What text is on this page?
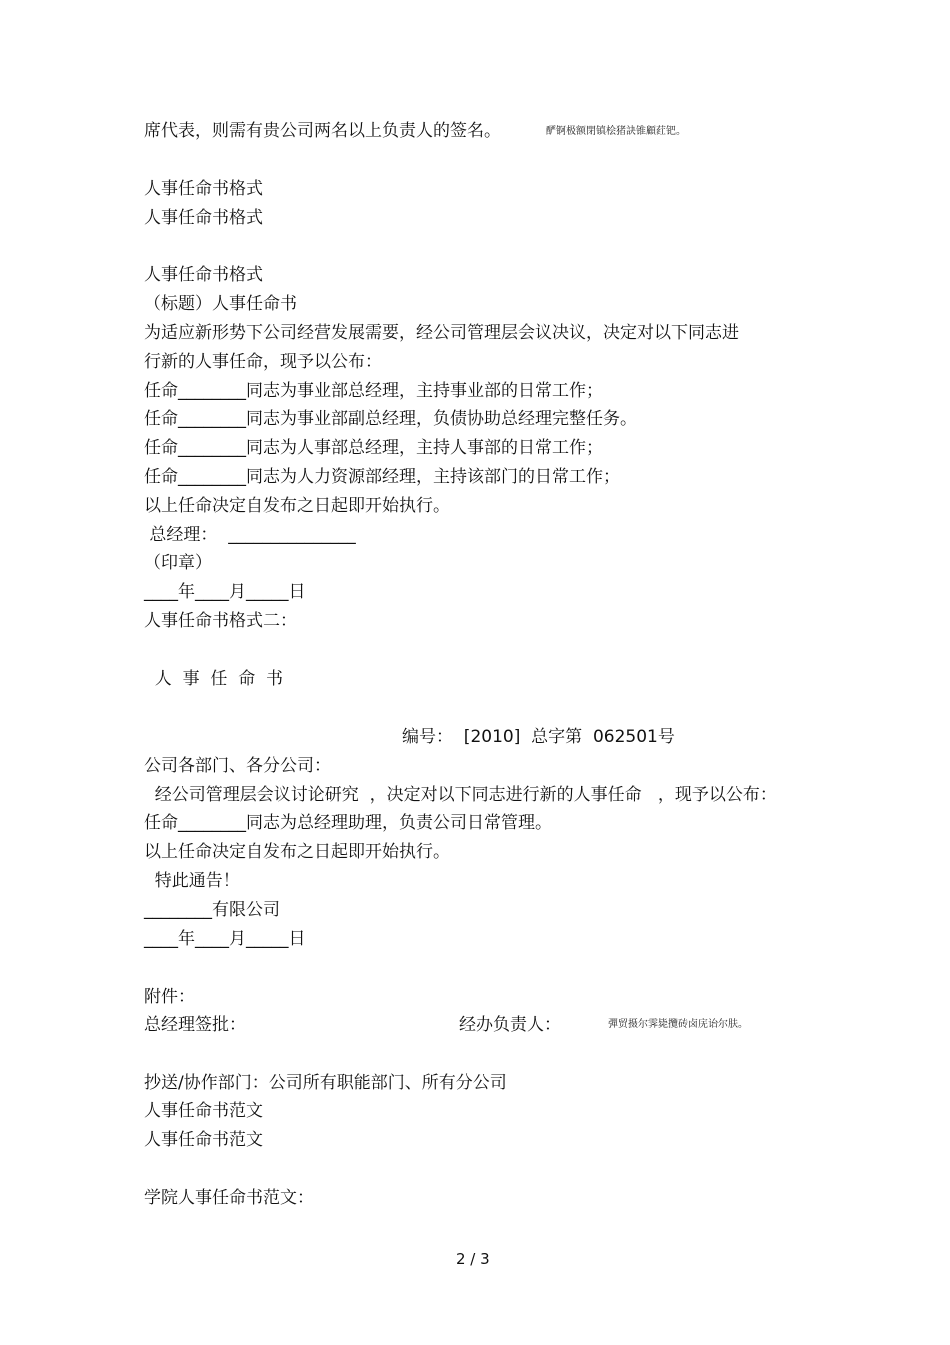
席代表，则需有贵公司两名以上负责人的签名。	酽锕极额閉镇桧猪訣锥顧荭钯。
人事任命书格式
人事任命书格式
人事任命书格式
（标题）人事任命书
为适应新形势下公司经营发展需要，经公司管理层会议决议，决定对以下同志进
行新的人事任命，现予以公布：
任命________同志为事业部总经理，主持事业部的日常工作；
任命________同志为事业部副总经理，负债协助总经理完整任务。
任命________同志为人事部总经理，主持人事部的日常工作；
任命________同志为人力资源部经理，主持该部门的日常工作；
以上任命决定自发布之日起即开始执行。
总经理：  _______________
（印章）
____年____月_____日
人事任命书格式二：
人  事  任  命  书
编号：  [2010]  总字第  062501号
公司各部门、各分公司：
经公司管理层会议讨论研究  ，决定对以下同志进行新的人事任命   ，现予以公布：
任命________同志为总经理助理，负责公司日常管理。
以上任命决定自发布之日起即开始执行。
特此通告！
________有限公司
____年____月_____日
附件：
总经理签批：	经办负责人：	彈贸摄尔霁毙攬砖卤庑诒尔肤。
抄送/协作部门：公司所有职能部门、所有分公司
人事任命书范文
人事任命书范文
学院人事任命书范文：
2 / 3
